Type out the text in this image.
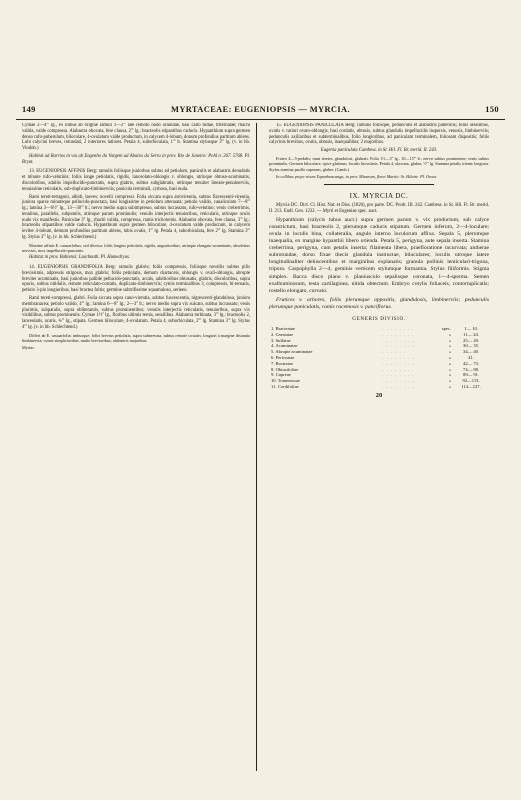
149	MYRTACEAE: EUGENIOPSIS — MYRCIA.	150

Cymae 2—4''' lg., ex imbus ab origine ramuli 1—2''' late remoto nodo oriundae, basi callo fultae, triternatae; rhachi valida, valde compressa. Alabastra obovata, fere clausa, 2''' lg.; bracteolis stipantibus caducis. Hypanthium supra germen denso rufo-puberulum, biloculare, 4-ovulatum valde productum, in calycem 4-lobum, donum profundius partitum abiens. Lobi calycini breves, rotundati, 2 interiores latiores. Petala 4, suborbiculata, 1''' lt. Stamina stylusque 3''' lg. (v. in hb. Vindob.)

Habitat ad Barrios in via ab Engenho da Vargem ad Abaixo da Serra in prov. Rio de Janeiro: Pohl n. 267. 5768. Pl. Bryat.

13. EUGENIOPSIS AFFINIS Berg: ramulis foliisque juniorbus subtus ad petiolum, paniculis et alabastris denudatis et minute rufo-velutinis; foliis longe petiolatis, rigidis, lanceolato-oblongis v. oblongis, utrinque obtuso-acuminatis, discoloribus, adultis impellucido-punctatis, supra glabris, subtus subglabratis, utrinque tenuiter lineato-penninerviis, tenuissime reticulatis, sub-duplicato-limbinerviis; panicula terminali, cymosa, basi nuda.

Rami tereti-tetragoni, albidi, laeves; novelli compressi. Folia siccata supra atrovirentia, subtus flavescenti-virentia, juniora sparse minuteque pellucido-punctata, basi longissime in petiolum attenuata; petiolo valido, canaliculato 7—8''' lg.; lamina 3—6½'' lg., 13—30''' lt.; nervo medio supra subimpresso, subtus incrassato, rufo-velutino; venis creberrimis, tenuibus, parallelis, subpatulis, utrinque parum prominulis; venulis interjectis tenuioribus, reticulatis, utrinque oculo nudo vix manifestis. Paniculae 3'' lg., rhachi valida, compressa, ramis trichotomis. Alabastra obovata, fere clausa, 3''' lg.; bracteolis stipantibus valde caducis. Hypanthium supra germen biloculare, 4-ovulatum valde productum, in calycem leviter 4-lobum, demum profundius partitum abiens, lobis ovatis, 1''' lg. Petala 4, suborbiculata, fere 2''' lg. Stamina 3''' lg. Stylus 3''' lg. (v. in hb. Schlechtend.)

Maxime affinis E. cauuarfolius, sed diversa: foliis longius petiolatis, rigidis, angustioribus, utrinque elongato-acuminatis, obsoletius nervosis, mox impellucido-punctatis.

Habitat in prov. Bahiensi: Luschnath. Pl. Humedryas.

14. EUGENIOPSIS GRANDIFOLIA Berg: ramulis glabris; foliis compressis, foliisque novellis subtus pilis brevissimis, adpressis strigosis, mox glabris; foliis petiolatis, demum chartaceis, oblongis v. ovali-oblongis, abrupte breviter acuminatis, basi juniorbus pallide pellucido-punctatis, acutis, adultioribus obtusatis, glabris, discoloribus, supra opacis, subtus nitidulis, remote reticulato-costatis, duplicato-limbinerviis; cymis terminalibus 3, compressis, bi-ternatis, petiolo 3-plo longioribus, basi bractea fultis; germine subtrifissime squamuloso, serieeo.

Rami tereti-compressi, glabri. Folia siccata supra cano-virentia, subtus fuscescentia, nigrescenti-glandulosa, juniora membranacea; petiolo valido, 4''' lg.; lamina 6—8'' lg., 2—3'' lt.; nervo medio supra vix sulcato, subtus incrassato; venis plurimis, subpatulis, supra obliterantis, subtus prominentibus; venulis interjectis reticulatis, tenuioribus, supra vix visibilibus, subtus prominentis. Cymae 1½'' lg., floribus ultimis ternis, sessilibus. Alabastra turbinata, 3''' lg.; bracteolis 2, lanceolatis, acutis, ¾''' lg., stipata. Germen biloculare, 4-ovulatum. Petala 4, suborbiculata, 2''' lg. Stamina 3''' lg. Stylus 4''' lg. (v. in hb. Schlechtend.)

Differt ab E. cauuarfolia: imbusque; foliis brevius petiolatis, supra subnervata, subtus remote costatis; longiori a margine distantia limbinervia; cymis simplicioribus, multo brevioribus; alabastris majoribus.

Myrtac.

15. EUGENIOPSIS PANICULATA Berg: ramulis foliisque, pedunculis et alabastris puberulis; foliis sessilibus, ovatis v. rariori ovato-oblongis, basi cordatis, obtusis, subtus glandulis impellucidis inspersis, venosis, limbinerviis; pedunculis axillaribus et subterminalibus, folio longioribus, ad paniculam terminalem, foliosam dispositis; foliis calycinis brevibus, ovatis, obtusis, inaequalibus; 2 majoribus.

Eugenia paniculata Cambess. in St. Hil. Fl. Br. merid. II. 243.

Frutex 4—5-pedalis; rami teretes, glandulosi, glabrati. Folia 1½—3'' lg., 10—15''' lt.; nervo subtus prominente; venis subtus prominulis. Germen biloculare, spice glabrum, loculis biovulatis. Petala 4, obovata, glabra, ½''' lg. Stamina petalis triente longiora. Stylus stamina paullo superans, glaber. (Camb.)

In collibus prope vicum Tapanhoacanga, in prov. Minarum, floret Martio: St. Hilaire. Pl. Oreas.

IX. MYRCIA DC.

Myrcia DC. Dict. Cl. Hist. Nat. et Diss. (1826), pro parte. DC. Prodr. III. 242. Cambess. in St. Hil. Fl. Br. merid. II. 213. Endl. Gen. 1232. — Myrti et Eugeniae spec. auct.

Hypanthium (calycis tubus auct.) supra germen parum v. vix productum, sub calyce constrictum, basi bracteolis 2, plerumque caducis stipatum. Germen inferum, 2—4-loculare; ovula in loculis bina, collateralia, angulo interno loculorum affixa. Sepala 5, plerumque inaequalia, ex margine hypanthii libero orienda. Petala 5, perigyna, aute sepala inserta. Stamina creberrima, perigyna, cum petalis inserta; filamenta libera, praefloratione incurvata; antherae subrotundae, dorso fixae thecis glandula instructae, biloculares; loculis utroque latere longitudinaliter dehiscentibus et marginibus explanatis; granula pollinis lenticulari-trigona, tripora. Carpophylla 2—4, geminis verticem stylumque formantia. Stylus filiformis. Stigma simplex. Bacca disco plano v. planiusculo sepalisque coronata, 1—4-sperma. Semen exalbuminosum, testa cartilaginea, nitida obtectum. Embryo cotylis foliaceis, contortuplicatis; rostello elongato, curvato.

Frutices v. arbores, foliis plerumque oppositis, glandulosis, limbinerviis; pedunculis plerumque paniculatis, ramis racemosis v. panciflorus.

GENERIS DIVISIO.
1. Bracteatae	. . . . . . . .	spec.	1— 10.
2. Caestatae	. . . . . . . .	»	11— 24.
3. Sulfatae	. . . . . . . .	»	25— 29.
4. Acuminatae	. . . . . . . .	»	30— 35.
5. Abrupte acuminatae	. . . . . .	»	34— 40.
6. Perforatae	. . . . . . . .	»	41.
7. Rostratae	. . . . . . . .	»	42— 73.
8. Obtusifoliae	. . . . . . . .	»	74— 88.
9. Cupreae	. . . . . . . .	»	89— 91.
10. Tomentosae	. . . . . . . .	»	92—113.
11. Cordifoliae	. . . . . . . .	»	114—127.
20
